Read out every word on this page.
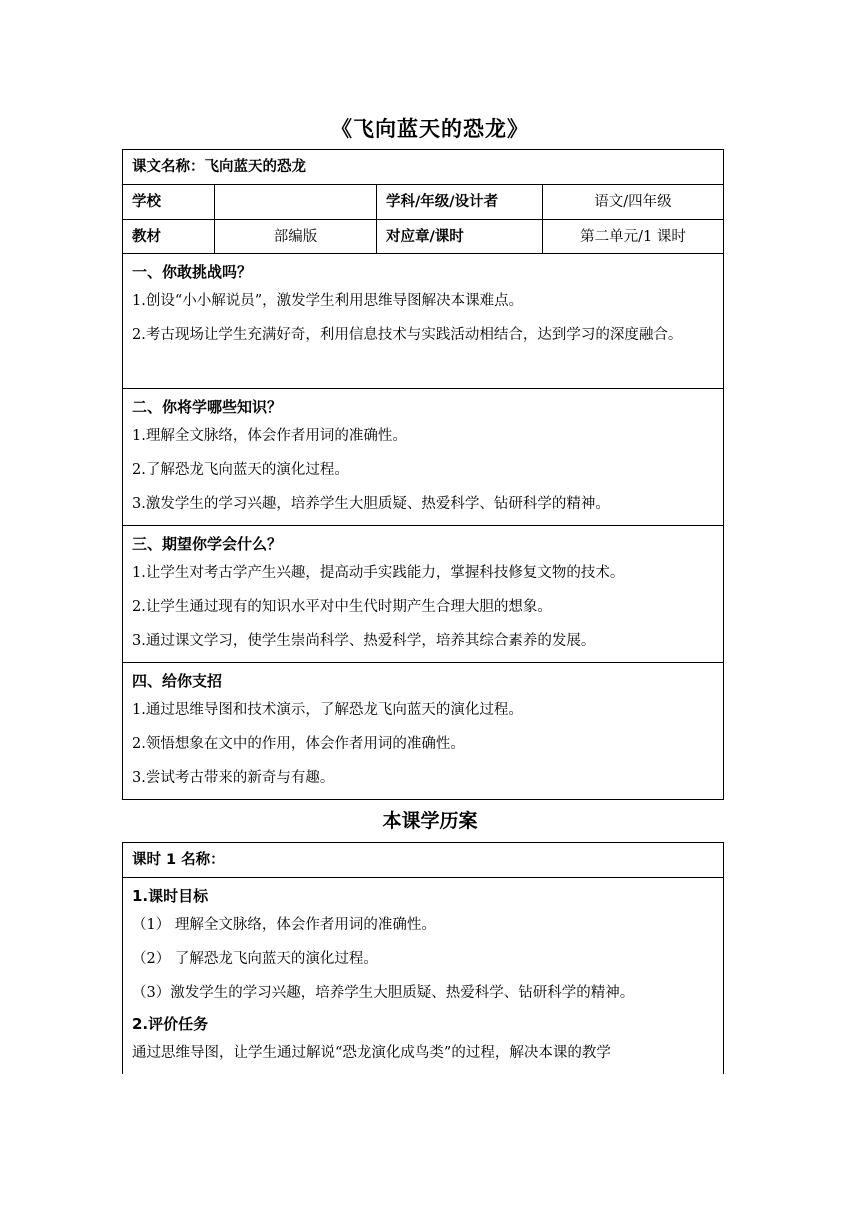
《飞向蓝天的恐龙》
课文名称：飞向蓝天的恐龙			
学校		学科/年级/设计者	语文/四年级
教材	部编版	对应章/课时	第二单元/1 课时

一、你敢挑战吗？
1.创设“小小解说员”，激发学生利用思维导图解决本课难点。
2.考古现场让学生充满好奇，利用信息技术与实践活动相结合，达到学习的深度融合。			

二、你将学哪些知识？
1.理解全文脉络，体会作者用词的准确性。
2.了解恐龙飞向蓝天的演化过程。
3.激发学生的学习兴趣，培养学生大胆质疑、热爱科学、钻研科学的精神。			

三、期望你学会什么？
1.让学生对考古学产生兴趣，提高动手实践能力，掌握科技修复文物的技术。
2.让学生通过现有的知识水平对中生代时期产生合理大胆的想象。
3.通过课文学习，使学生崇尚科学、热爱科学，培养其综合素养的发展。			

四、给你支招
1.通过思维导图和技术演示，了解恐龙飞向蓝天的演化过程。
2.领悟想象在文中的作用，体会作者用词的准确性。
3.尝试考古带来的新奇与有趣。			
本课学历案
课时 1 名称：

1.课时目标
（1） 理解全文脉络，体会作者用词的准确性。
（2） 了解恐龙飞向蓝天的演化过程。
（3）激发学生的学习兴趣，培养学生大胆质疑、热爱科学、钻研科学的精神。
2.评价任务
通过思维导图，让学生通过解说“恐龙演化成鸟类”的过程，解决本课的教学
